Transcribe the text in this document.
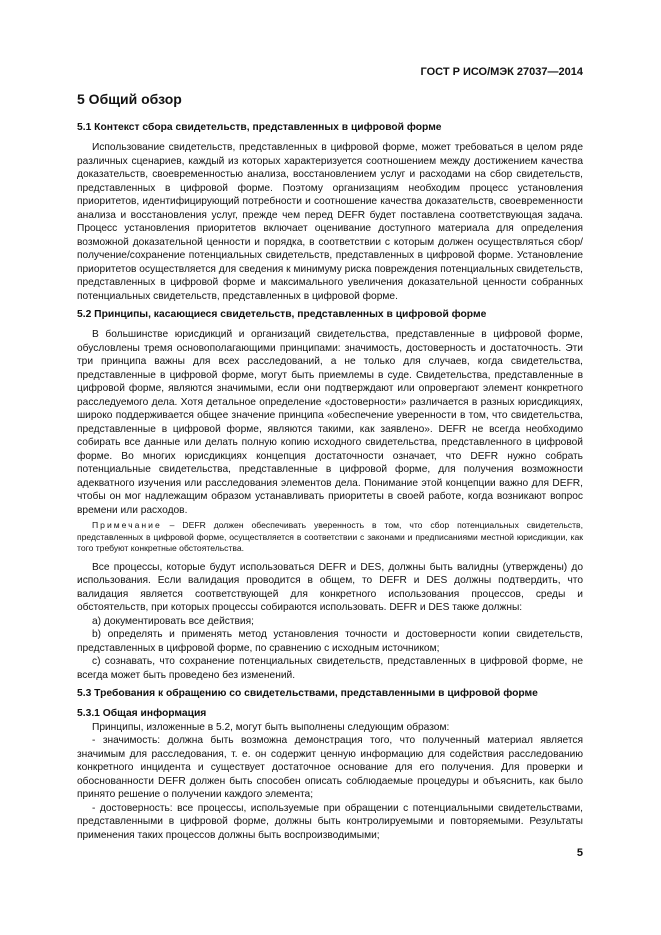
ГОСТ Р ИСО/МЭК 27037—2014
5 Общий обзор
5.1 Контекст сбора свидетельств, представленных в цифровой форме

Использование свидетельств, представленных в цифровой форме, может требоваться в целом ряде различных сценариев, каждый из которых характеризуется соотношением между достижением качества доказательств, своевременностью анализа, восстановлением услуг и расходами на сбор свидетельств, представленных в цифровой форме. Поэтому организациям необходим процесс установления приоритетов, идентифицирующий потребности и соотношение качества доказательств, своевременности анализа и восстановления услуг, прежде чем перед DEFR будет поставлена соответствующая задача. Процесс установления приоритетов включает оценивание доступного материала для определения возможной доказательной ценности и порядка, в соответствии с которым должен осуществляться сбор/получение/сохранение потенциальных свидетельств, представленных в цифровой форме. Установление приоритетов осуществляется для сведения к минимуму риска повреждения потенциальных свидетельств, представленных в цифровой форме и максимального увеличения доказательной ценности собранных потенциальных свидетельств, представленных в цифровой форме.

5.2 Принципы, касающиеся свидетельств, представленных в цифровой форме

В большинстве юрисдикций и организаций свидетельства, представленные в цифровой форме, обусловлены тремя основополагающими принципами: значимость, достоверность и достаточность. Эти три принципа важны для всех расследований, а не только для случаев, когда свидетельства, представленные в цифровой форме, могут быть приемлемы в суде. Свидетельства, представленные в цифровой форме, являются значимыми, если они подтверждают или опровергают элемент конкретного расследуемого дела. Хотя детальное определение «достоверности» различается в разных юрисдикциях, широко поддерживается общее значение принципа «обеспечение уверенности в том, что свидетельства, представленные в цифровой форме, являются такими, как заявлено». DEFR не всегда необходимо собирать все данные или делать полную копию исходного свидетельства, представленного в цифровой форме. Во многих юрисдикциях концепция достаточности означает, что DEFR нужно собрать потенциальные свидетельства, представленные в цифровой форме, для получения возможности адекватного изучения или расследования элементов дела. Понимание этой концепции важно для DEFR, чтобы он мог надлежащим образом устанавливать приоритеты в своей работе, когда возникают вопрос времени или расходов.

Примечание – DEFR должен обеспечивать уверенность в том, что сбор потенциальных свидетельств, представленных в цифровой форме, осуществляется в соответствии с законами и предписаниями местной юрисдикции, как того требуют конкретные обстоятельства.

Все процессы, которые будут использоваться DEFR и DES, должны быть валидны (утверждены) до использования. Если валидация проводится в общем, то DEFR и DES должны подтвердить, что валидация является соответствующей для конкретного использования процессов, среды и обстоятельств, при которых процессы собираются использовать. DEFR и DES также должны:

а) документировать все действия;

b) определять и применять метод установления точности и достоверности копии свидетельств, представленных в цифровой форме, по сравнению с исходным источником;

с) сознавать, что сохранение потенциальных свидетельств, представленных в цифровой форме, не всегда может быть проведено без изменений.

5.3 Требования к обращению со свидетельствами, представленными в цифровой форме
5.3.1 Общая информация

Принципы, изложенные в 5.2, могут быть выполнены следующим образом:

- значимость: должна быть возможна демонстрация того, что полученный материал является значимым для расследования, т. е. он содержит ценную информацию для содействия расследованию конкретного инцидента и существует достаточное основание для его получения. Для проверки и обоснованности DEFR должен быть способен описать соблюдаемые процедуры и объяснить, как было принято решение о получении каждого элемента;

- достоверность: все процессы, используемые при обращении с потенциальными свидетельствами, представленными в цифровой форме, должны быть контролируемыми и повторяемыми. Результаты применения таких процессов должны быть воспроизводимыми;

5
